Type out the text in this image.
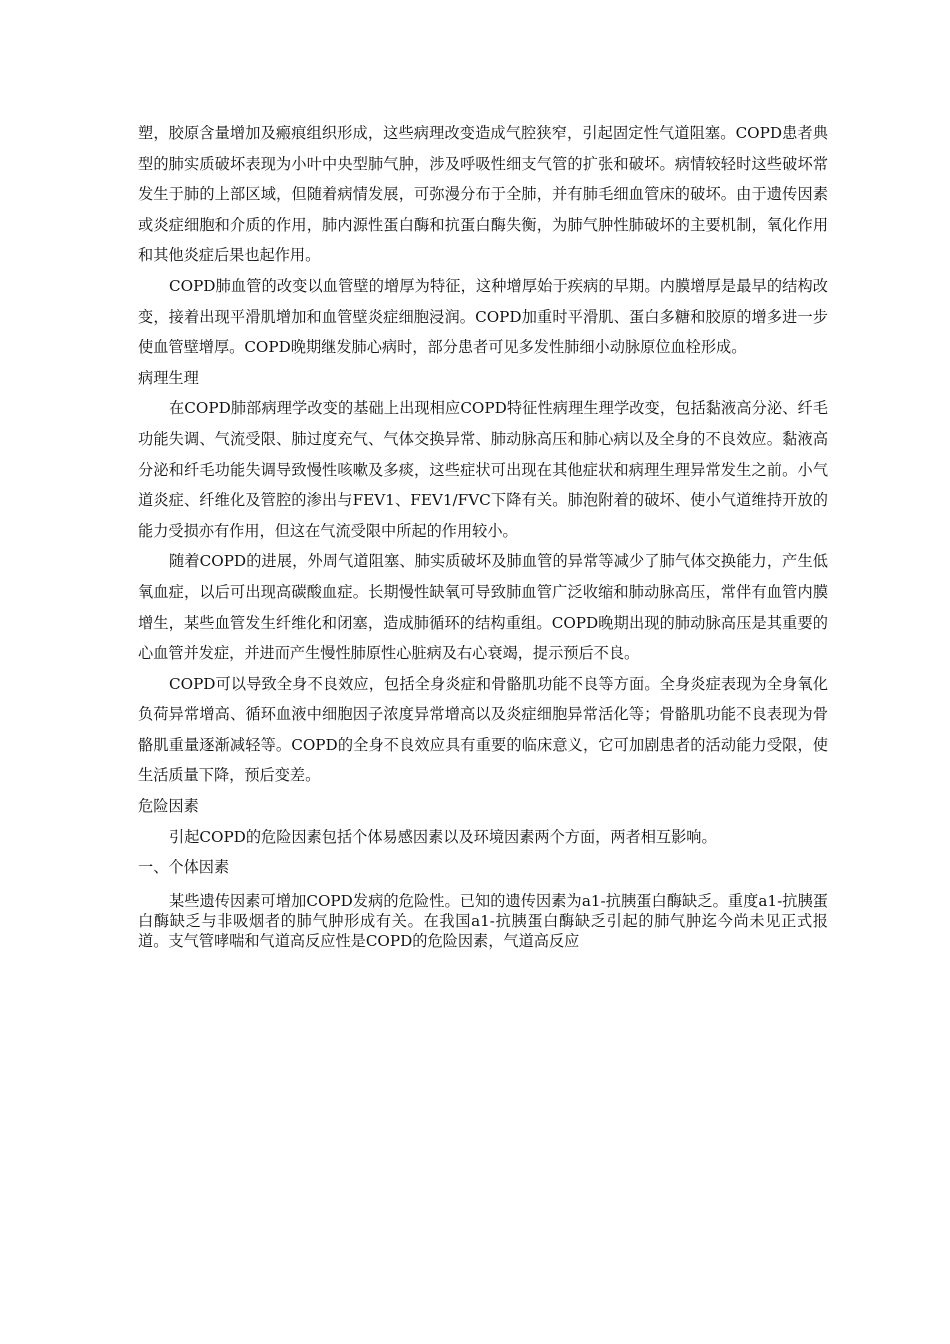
塑，胶原含量增加及瘢痕组织形成，这些病理改变造成气腔狭窄，引起固定性气道阻塞。COPD患者典型的肺实质破坏表现为小叶中央型肺气肿，涉及呼吸性细支气管的扩张和破坏。病情较轻时这些破坏常发生于肺的上部区域，但随着病情发展，可弥漫分布于全肺，并有肺毛细血管床的破坏。由于遗传因素或炎症细胞和介质的作用，肺内源性蛋白酶和抗蛋白酶失衡，为肺气肿性肺破坏的主要机制，氧化作用和其他炎症后果也起作用。

COPD肺血管的改变以血管壁的增厚为特征，这种增厚始于疾病的早期。内膜增厚是最早的结构改变，接着出现平滑肌增加和血管壁炎症细胞浸润。COPD加重时平滑肌、蛋白多糖和胶原的增多进一步使血管壁增厚。COPD晚期继发肺心病时，部分患者可见多发性肺细小动脉原位血栓形成。

病理生理

在COPD肺部病理学改变的基础上出现相应COPD特征性病理生理学改变，包括黏液高分泌、纤毛功能失调、气流受限、肺过度充气、气体交换异常、肺动脉高压和肺心病以及全身的不良效应。黏液高分泌和纤毛功能失调导致慢性咳嗽及多痰，这些症状可出现在其他症状和病理生理异常发生之前。小气道炎症、纤维化及管腔的渗出与FEV1、FEV1/FVC下降有关。肺泡附着的破坏、使小气道维持开放的能力受损亦有作用，但这在气流受限中所起的作用较小。

随着COPD的进展，外周气道阻塞、肺实质破坏及肺血管的异常等减少了肺气体交换能力，产生低氧血症，以后可出现高碳酸血症。长期慢性缺氧可导致肺血管广泛收缩和肺动脉高压，常伴有血管内膜增生，某些血管发生纤维化和闭塞，造成肺循环的结构重组。COPD晚期出现的肺动脉高压是其重要的心血管并发症，并进而产生慢性肺原性心脏病及右心衰竭，提示预后不良。

COPD可以导致全身不良效应，包括全身炎症和骨骼肌功能不良等方面。全身炎症表现为全身氧化负荷异常增高、循环血液中细胞因子浓度异常增高以及炎症细胞异常活化等；骨骼肌功能不良表现为骨骼肌重量逐渐减轻等。COPD的全身不良效应具有重要的临床意义，它可加剧患者的活动能力受限，使生活质量下降，预后变差。

危险因素

引起COPD的危险因素包括个体易感因素以及环境因素两个方面，两者相互影响。

一、个体因素

某些遗传因素可增加COPD发病的危险性。已知的遗传因素为a1-抗胰蛋白酶缺乏。重度a1-抗胰蛋白酶缺乏与非吸烟者的肺气肿形成有关。在我国a1-抗胰蛋白酶缺乏引起的肺气肿迄今尚未见正式报道。支气管哮喘和气道高反应性是COPD的危险因素，气道高反应
